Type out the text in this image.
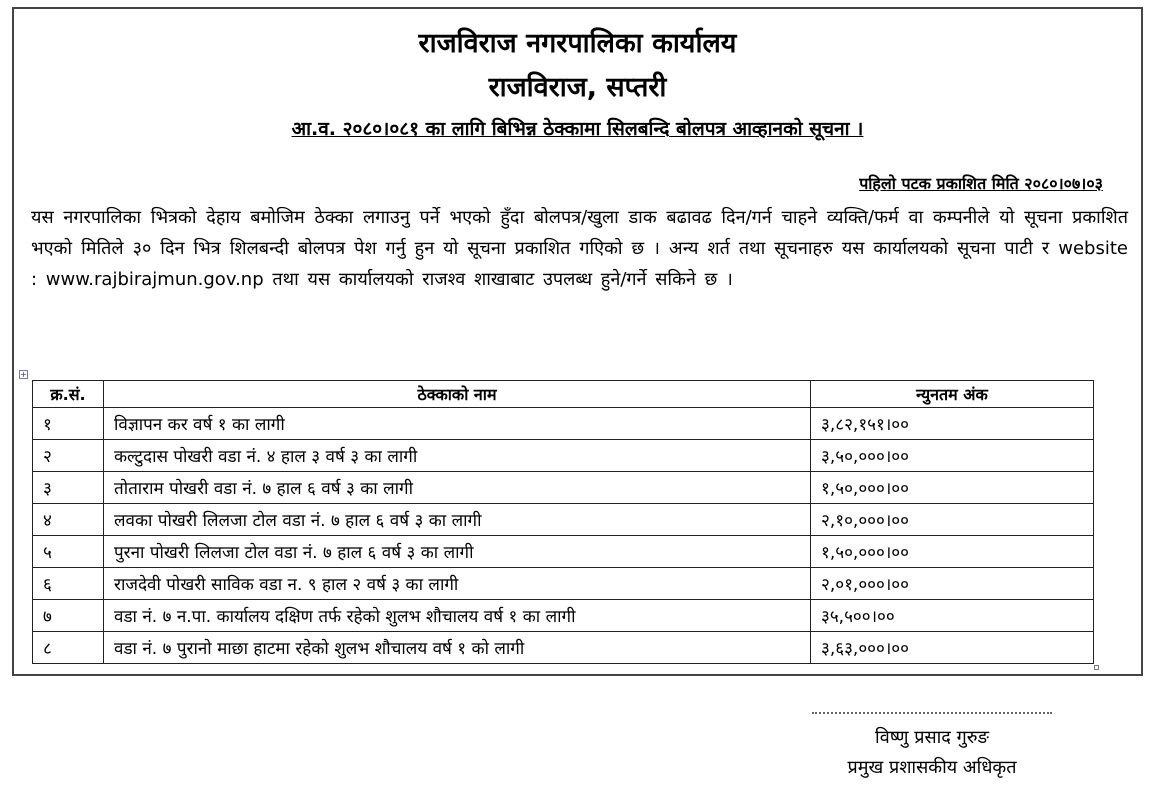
राजविराज नगरपालिका कार्यालय
राजविराज, सप्तरी
आ.व. २०८०।०८१ का लागि बिभिन्न ठेक्कामा सिलबन्दि बोलपत्र आव्हानको सूचना ।
पहिलो पटक प्रकाशित मिति २०८०।०७।०३
यस नगरपालिका भित्रको देहाय बमोजिम ठेक्का लगाउनु पर्ने भएको हुँदा बोलपत्र/खुला डाक बढावढ दिन/गर्न चाहने व्यक्ति/फर्म वा कम्पनीले यो सूचना प्रकाशित भएको मितिले ३० दिन भित्र शिलबन्दी बोलपत्र पेश गर्नु हुन यो सूचना प्रकाशित गएिको छ । अन्य शर्त तथा सूचनाहरु यस कार्यालयको सूचना पाटी र website : www.rajbirajmun.gov.np तथा यस कार्यालयको राजश्व शाखाबाट उपलब्ध हुने/गर्ने सकिने छ ।
+
क्र.सं.	ठेक्काको नाम	न्युनतम अंक
१	विज्ञापन कर वर्ष १ का लागी	३,८२,१५१।००
२	कल्टुदास पोखरी वडा नं. ४ हाल ३ वर्ष ३ का लागी	३,५०,०००।००
३	तोताराम पोखरी वडा नं. ७ हाल ६ वर्ष ३ का लागी	१,५०,०००।००
४	लवका पोखरी लिलजा टोल वडा नं. ७ हाल ६ वर्ष ३ का लागी	२,१०,०००।००
५	पुरना पोखरी लिलजा टोल वडा नं. ७ हाल ६ वर्ष ३ का लागी	१,५०,०००।००
६	राजदेवी पोखरी साविक वडा न. ९ हाल २ वर्ष ३ का लागी	२,०१,०००।००
७	वडा नं. ७ न.पा. कार्यालय दक्षिण तर्फ रहेको शुलभ शौचालय वर्ष १ का लागी	३५,५००।००
८	वडा नं. ७ पुरानो माछा हाटमा रहेको शुलभ शौचालय वर्ष १ को लागी	३,६३,०००।००
विष्णु प्रसाद गुरुङ
प्रमुख प्रशासकीय अधिकृत
